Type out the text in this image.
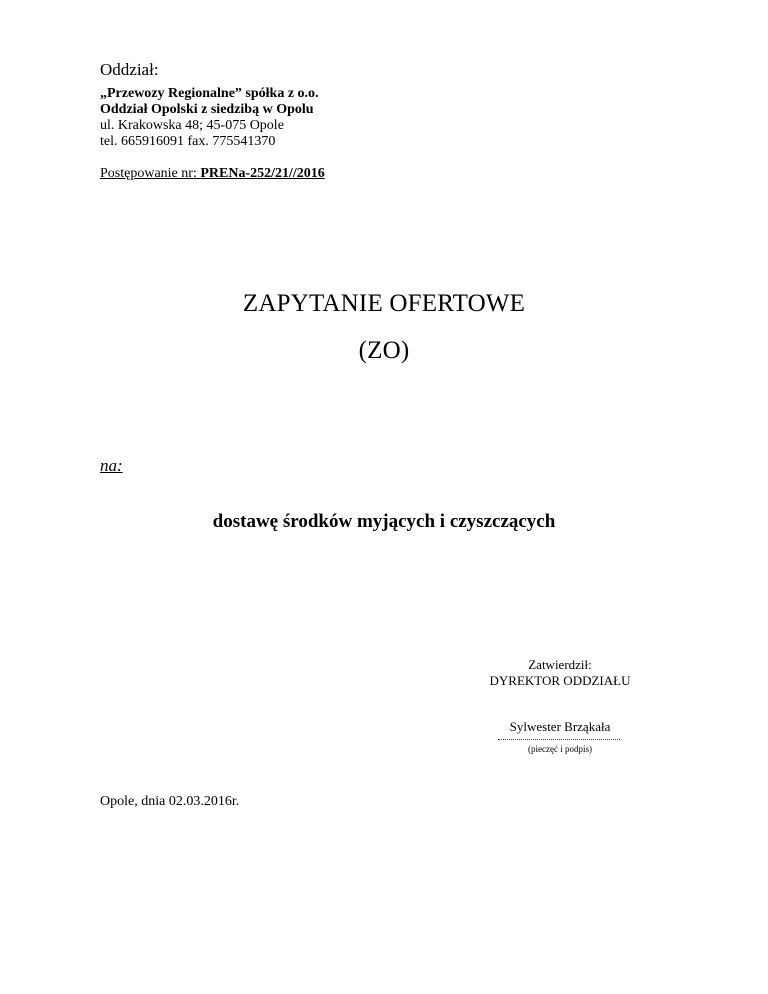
Oddział:
„Przewozy Regionalne” spółka z o.o.
Oddział Opolski z siedzibą w Opolu
ul. Krakowska 48; 45-075 Opole
tel. 665916091 fax. 775541370
Postępowanie nr: PRENa-252/21//2016
ZAPYTANIE OFERTOWE
(ZO)
na:
dostawę środków myjących i czyszczących
Zatwierdził:
DYREKTOR ODDZIAŁU
Sylwester Brząkała
(pieczęć i podpis)
Opole, dnia 02.03.2016r.
